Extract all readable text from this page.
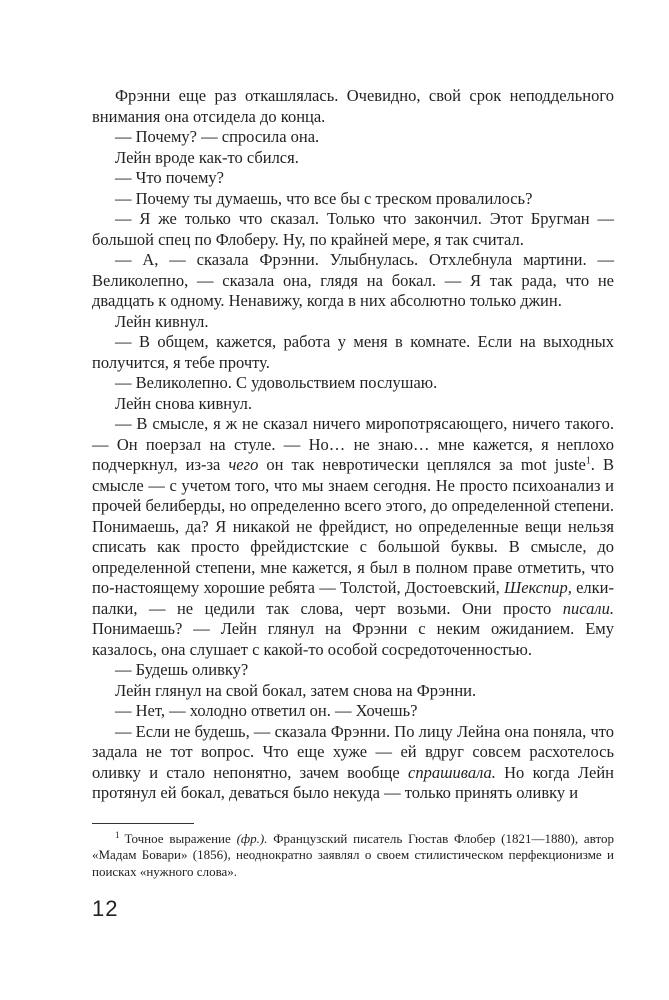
Фрэнни еще раз откашлялась. Очевидно, свой срок неподдельного внимания она отсидела до конца.

— Почему? — спросила она.

Лейн вроде как-то сбился.

— Что почему?

— Почему ты думаешь, что все бы с треском провалилось?

— Я же только что сказал. Только что закончил. Этот Бругман — большой спец по Флоберу. Ну, по крайней мере, я так считал.

— А, — сказала Фрэнни. Улыбнулась. Отхлебнула мартини. — Великолепно, — сказала она, глядя на бокал. — Я так рада, что не двадцать к одному. Ненавижу, когда в них абсолютно только джин.

Лейн кивнул.

— В общем, кажется, работа у меня в комнате. Если на выходных получится, я тебе прочту.

— Великолепно. С удовольствием послушаю.

Лейн снова кивнул.

— В смысле, я ж не сказал ничего миропотрясающего, ничего такого. — Он поерзал на стуле. — Но… не знаю… мне кажется, я неплохо подчеркнул, из-за чего он так невротически цеплялся за mot juste$^1$. В смысле — с учетом того, что мы знаем сегодня. Не просто психоанализ и прочей белиберды, но определенно всего этого, до определенной степени. Понимаешь, да? Я никакой не фрейдист, но определенные вещи нельзя списать как просто фрейдистские с большой буквы. В смысле, до определенной степени, мне кажется, я был в полном праве отметить, что по-настоящему хорошие ребята — Толстой, Достоевский, Шекспир, елки-палки, — не цедили так слова, черт возьми. Они просто писали. Понимаешь? — Лейн глянул на Фрэнни с неким ожиданием. Ему казалось, она слушает с какой-то особой сосредоточенностью.

— Будешь оливку?

Лейн глянул на свой бокал, затем снова на Фрэнни.

— Нет, — холодно ответил он. — Хочешь?

— Если не будешь, — сказала Фрэнни. По лицу Лейна она поняла, что задала не тот вопрос. Что еще хуже — ей вдруг совсем расхотелось оливку и стало непонятно, зачем вообще спрашивала. Но когда Лейн протянул ей бокал, деваться было некуда — только принять оливку и

$^1$ Точное выражение (фр.). Французский писатель Гюстав Флобер (1821—1880), автор «Мадам Бовари» (1856), неоднократно заявлял о своем стилистическом перфекционизме и поисках «нужного слова».

12
